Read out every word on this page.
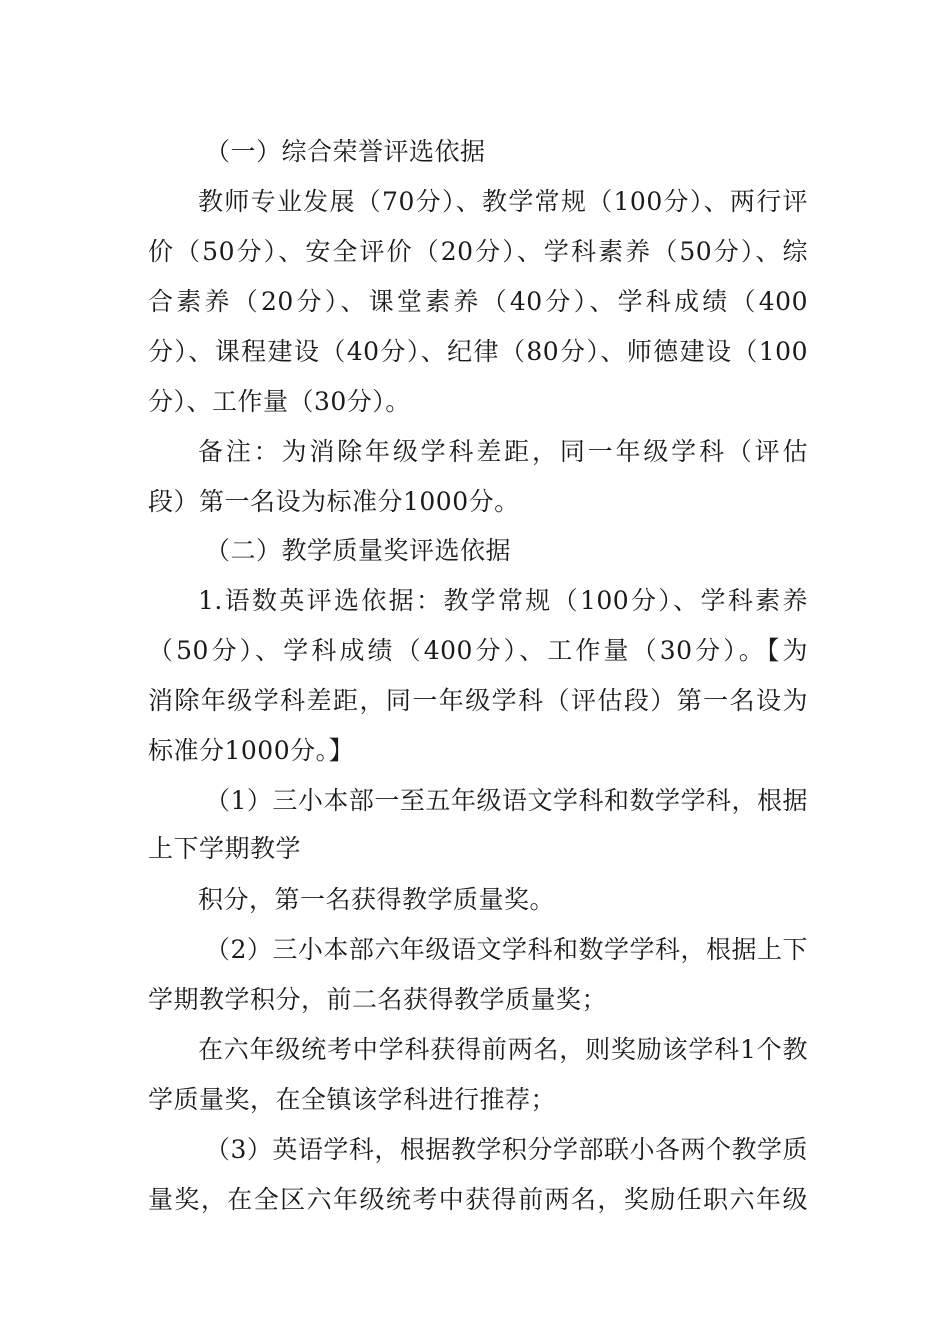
（一）综合荣誉评选依据
教师专业发展（70分）、教学常规（100分）、两行评
价（50分）、安全评价（20分）、学科素养（50分）、综
合素养（20分）、课堂素养（40分）、学科成绩（400
分）、课程建设（40分）、纪律（80分）、师德建设（100
分）、工作量（30分）。
备注：为消除年级学科差距，同一年级学科（评估
段）第一名设为标准分1000分。
（二）教学质量奖评选依据
1.语数英评选依据：教学常规（100分）、学科素养
（50分）、学科成绩（400分）、工作量（30分）。【为
消除年级学科差距，同一年级学科（评估段）第一名设为
标准分1000分。】
（1）三小本部一至五年级语文学科和数学学科，根据
上下学期教学
积分，第一名获得教学质量奖。
（2）三小本部六年级语文学科和数学学科，根据上下
学期教学积分，前二名获得教学质量奖；
在六年级统考中学科获得前两名，则奖励该学科1个教
学质量奖，在全镇该学科进行推荐；
（3）英语学科，根据教学积分学部联小各两个教学质
量奖，在全区六年级统考中获得前两名，奖励任职六年级
